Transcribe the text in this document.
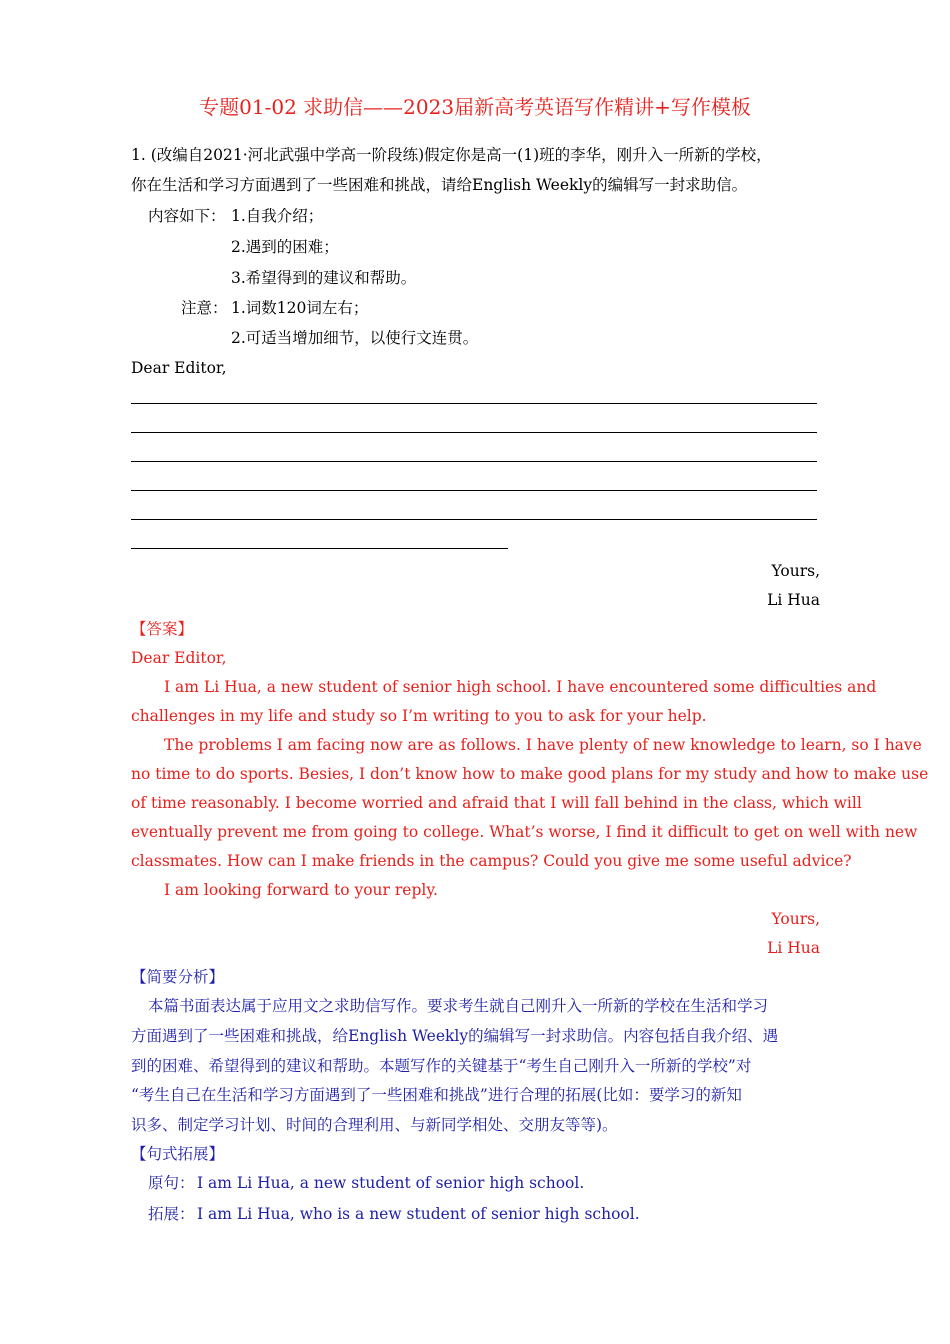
专题01-02 求助信——2023届新高考英语写作精讲+写作模板
1. (改编自2021·河北武强中学高一阶段练)假定你是高一(1)班的李华，刚升入一所新的学校，
你在生活和学习方面遇到了一些困难和挑战，请给English Weekly的编辑写一封求助信。
内容如下： 1.自我介绍；
2.遇到的困难；
3.希望得到的建议和帮助。
注意： 1.词数120词左右；
2.可适当增加细节，以使行文连贯。
Dear Editor,
Yours,
Li Hua
【答案】
Dear Editor,
I am Li Hua, a new student of senior high school. I have encountered some difficulties and
challenges in my life and study so I’m writing to you to ask for your help.
The problems I am facing now are as follows. I have plenty of new knowledge to learn, so I have
no time to do sports. Besies, I don’t know how to make good plans for my study and how to make use
of time reasonably. I become worried and afraid that I will fall behind in the class, which will
eventually prevent me from going to college. What’s worse, I find it difficult to get on well with new
classmates. How can I make friends in the campus? Could you give me some useful advice?
I am looking forward to your reply.
Yours,
Li Hua
【简要分析】
本篇书面表达属于应用文之求助信写作。要求考生就自己刚升入一所新的学校在生活和学习
方面遇到了一些困难和挑战，给English Weekly的编辑写一封求助信。内容包括自我介绍、遇
到的困难、希望得到的建议和帮助。本题写作的关键基于“考生自己刚升入一所新的学校”对
“考生自己在生活和学习方面遇到了一些困难和挑战”进行合理的拓展(比如：要学习的新知
识多、制定学习计划、时间的合理利用、与新同学相处、交朋友等等)。
【句式拓展】
原句： I am Li Hua, a new student of senior high school.
拓展： I am Li Hua, who is a new student of senior high school.
